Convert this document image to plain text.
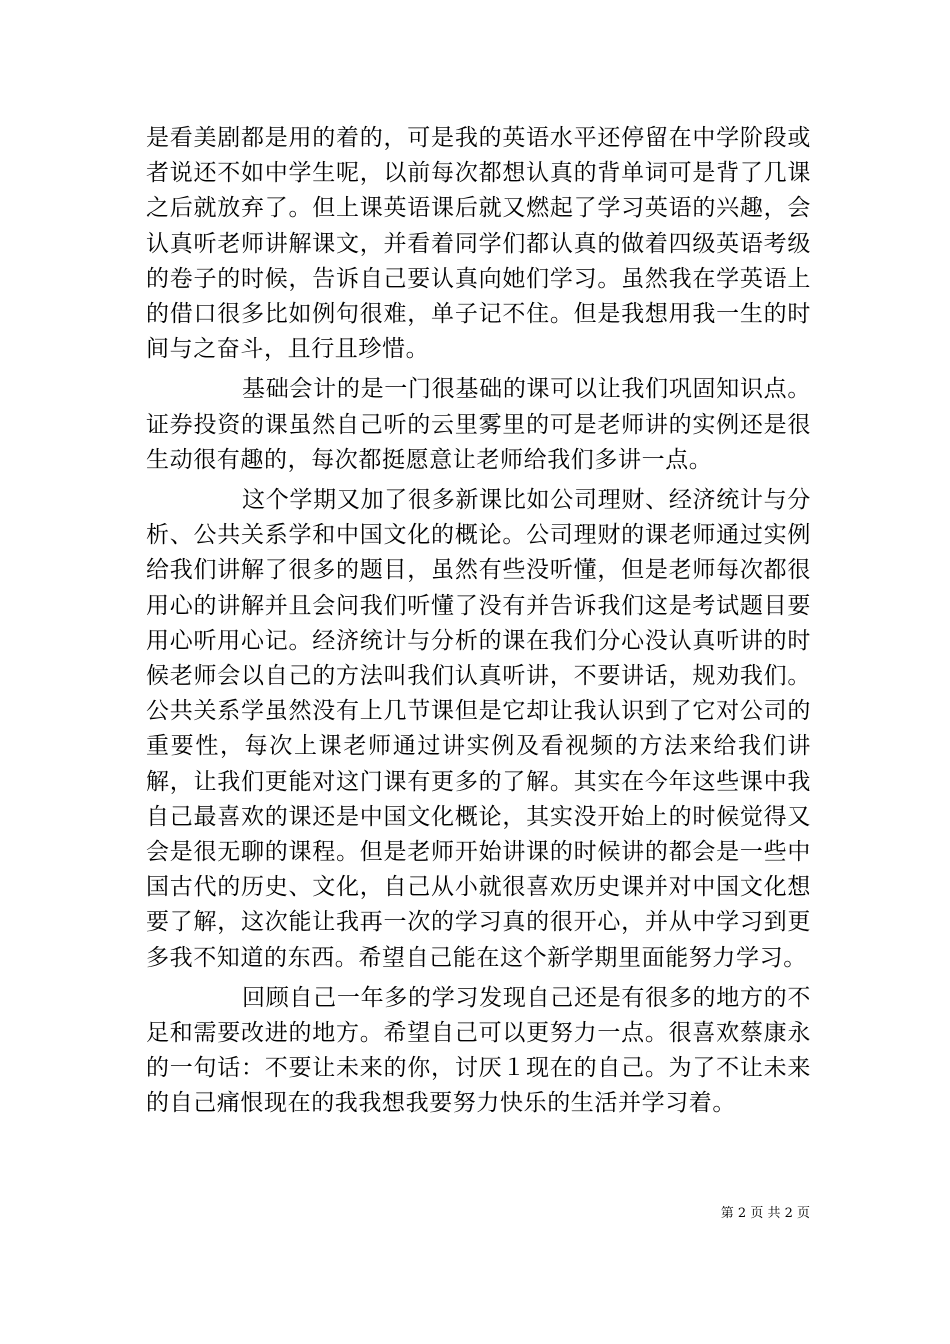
是看美剧都是用的着的，可是我的英语水平还停留在中学阶段或者说还不如中学生呢，以前每次都想认真的背单词可是背了几课之后就放弃了。但上课英语课后就又燃起了学习英语的兴趣，会认真听老师讲解课文，并看着同学们都认真的做着四级英语考级的卷子的时候，告诉自己要认真向她们学习。虽然我在学英语上的借口很多比如例句很难，单子记不住。但是我想用我一生的时间与之奋斗，且行且珍惜。

基础会计的是一门很基础的课可以让我们巩固知识点。证券投资的课虽然自己听的云里雾里的可是老师讲的实例还是很生动很有趣的，每次都挺愿意让老师给我们多讲一点。

这个学期又加了很多新课比如公司理财、经济统计与分析、公共关系学和中国文化的概论。公司理财的课老师通过实例给我们讲解了很多的题目，虽然有些没听懂，但是老师每次都很用心的讲解并且会问我们听懂了没有并告诉我们这是考试题目要用心听用心记。经济统计与分析的课在我们分心没认真听讲的时候老师会以自己的方法叫我们认真听讲，不要讲话，规劝我们。公共关系学虽然没有上几节课但是它却让我认识到了它对公司的重要性，每次上课老师通过讲实例及看视频的方法来给我们讲解，让我们更能对这门课有更多的了解。其实在今年这些课中我自己最喜欢的课还是中国文化概论，其实没开始上的时候觉得又会是很无聊的课程。但是老师开始讲课的时候讲的都会是一些中国古代的历史、文化，自己从小就很喜欢历史课并对中国文化想要了解，这次能让我再一次的学习真的很开心，并从中学习到更多我不知道的东西。希望自己能在这个新学期里面能努力学习。

回顾自己一年多的学习发现自己还是有很多的地方的不足和需要改进的地方。希望自己可以更努力一点。很喜欢蔡康永的一句话：不要让未来的你，讨厌１现在的自己。为了不让未来的自己痛恨现在的我我想我要努力快乐的生活并学习着。

第 2 页 共 2 页
